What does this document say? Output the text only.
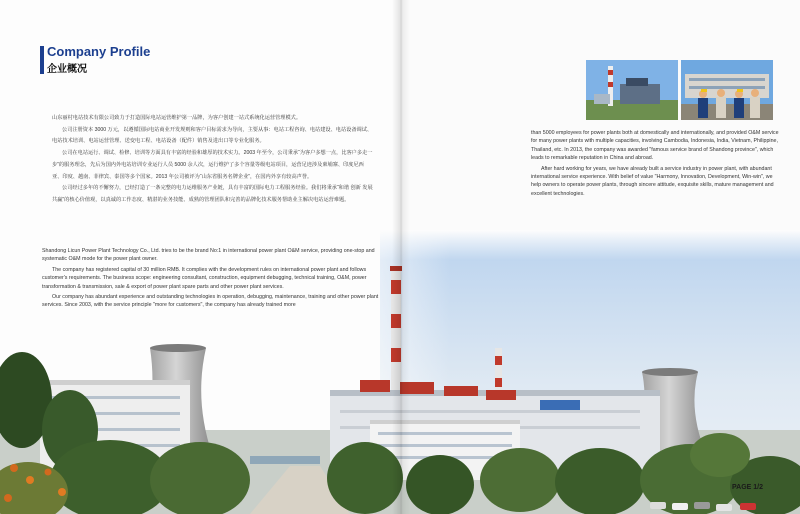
Company Profile
企业概况

山东丽村电站技术有限公司致力于打造国际电站运营维护第一品牌，为客户创建一站式系统化运营管理模式。

公司注册资本 3000 万元，以遵循国际电站商业开发规则和客户目标需求为导向，主要从事：电站工程咨询、电站建设、电站设备调试、电站技术培训、电站运营管理、送变电工程、电站设备（配件）销售及进出口等专业化服务。

公司在电站运行、调试、检修、培训等方面具有丰富的经验和雄厚的技术实力。2003 年至今，公司秉承“为客户多想一点，比客户多走一步”的服务理念，先后为国内外电站培训专业运行人员 5000 余人次，运行维护了多个容量等级电站项目，运营足迹涉及柬埔寨、印度尼西亚、印度、越南、菲律宾、泰国等多个国家。2013 年公司被评为“山东省服务名牌企业”，在国内外享有较高声誉。

公司经过多年的不懈努力，已经打造了一条完整的电力运维服务产业链，具有丰富的国际电力工程服务经验。我们将秉承“和谐 创新 发展 共赢”的核心价值观，以真诚的工作态度、精湛的业务技能、成熟的管理团队和完善的品牌化技术服务帮助业主解决电站运营难题。

Shandong Licun Power Plant Technology Co., Ltd. tries to be the brand No:1 in international power plant O&M service, providing one-stop and systematic O&M mode for the power plant owner.

The company has registered capital of 30 million RMB. It complies with the development rules on international power plant and follows customer's requirements. The business scope: engineering consultant, construction, equipment debugging, technical training, O&M, power transformation & transmission, sale & export of power plant spare parts and other power plant services.

Our company has abundant experience and outstanding technologies in operation, debugging, maintenance, training and other power plant services. Since 2003, with the service principle "more for customers", the company has already trained more

than 5000 employees for power plants both at domestically and internationally, and provided O&M service for many power plants with multiple capacities, involving Cambodia, Indonesia, India, Vietnam, Philippine, Thailand, etc. In 2013, the company was awarded "famous service brand of Shandong province", which leads to remarkable reputation in China and abroad.

After hard working for years, we have already built a service industry in power plant, with abundant international service experience. With belief of value "Harmony, Innovation, Development, Win-win", we help owners to operate power plants, through sincere attitude, exquisite skills, mature management and excellent technologies.

PAGE 1/2
